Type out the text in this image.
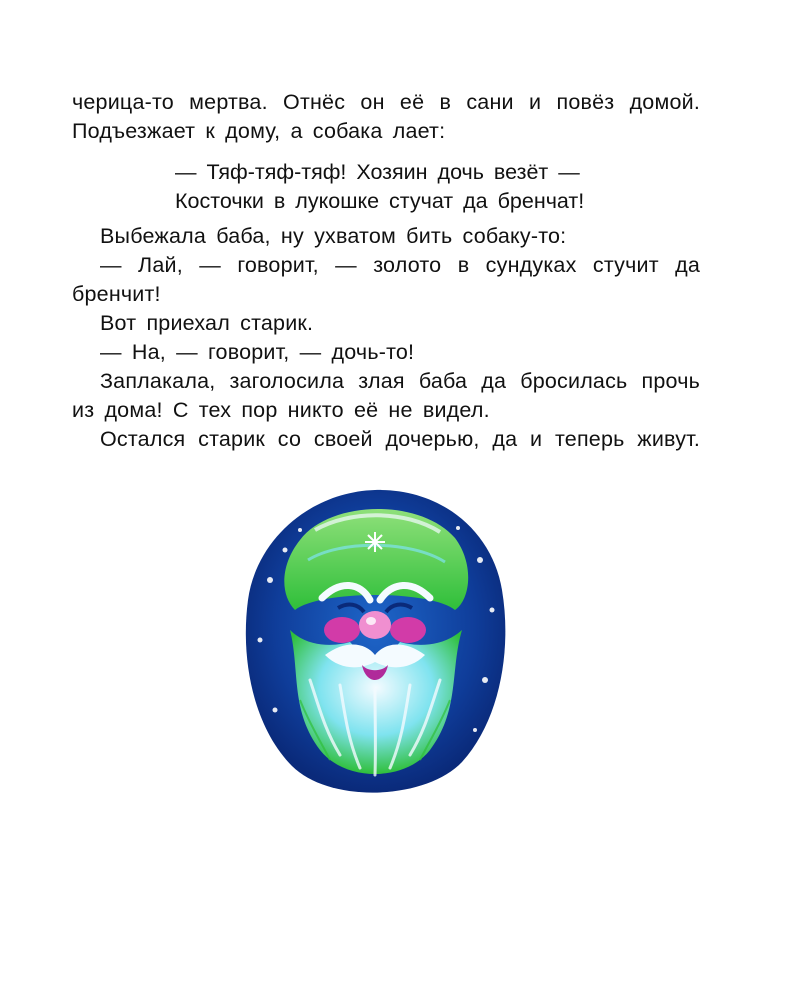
черица-то мертва. Отнёс он её в сани и повёз домой.
Подъезжает к дому, а собака лает:
— Тяф-тяф-тяф! Хозяин дочь везёт —
Косточки в лукошке стучат да бренчат!
Выбежала баба, ну ухватом бить собаку-то:
— Лай, — говорит, — золото в сундуках стучит да
бренчит!
Вот приехал старик.
— На, — говорит, — дочь-то!
Заплакала, заголосила злая баба да бросилась прочь
из дома! С тех пор никто её не видел.
Остался старик со своей дочерью, да и теперь живут.
